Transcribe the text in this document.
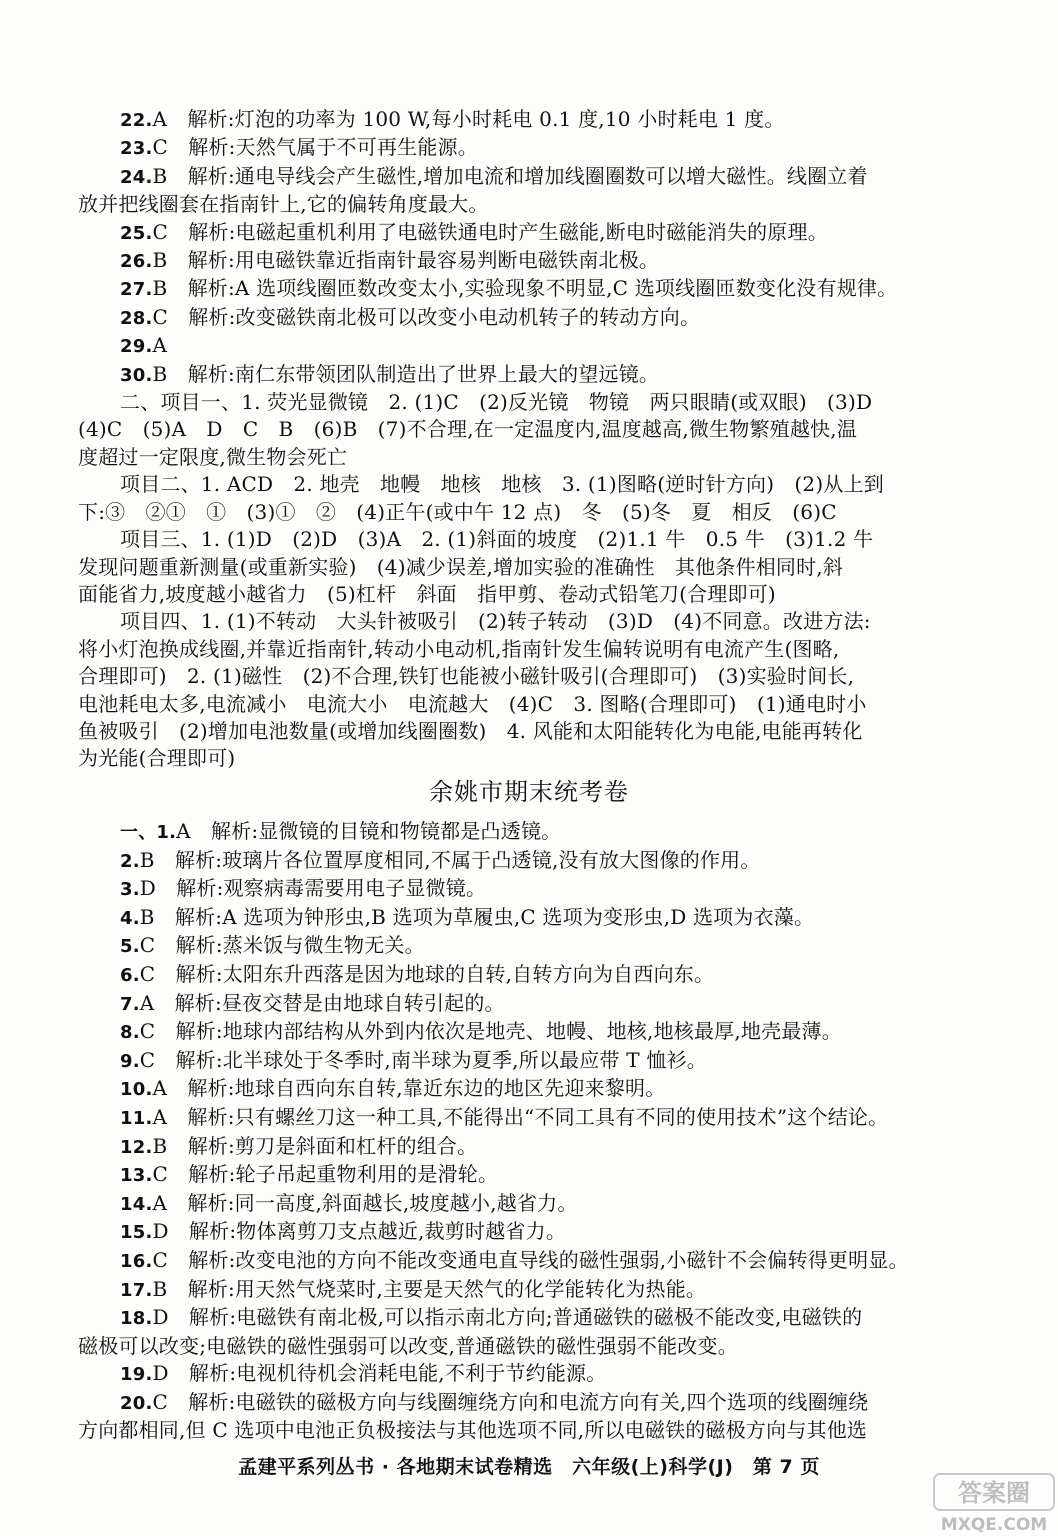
22.A　解析:灯泡的功率为 100 W,每小时耗电 0.1 度,10 小时耗电 1 度。
23.C　解析:天然气属于不可再生能源。
24.B　解析:通电导线会产生磁性,增加电流和增加线圈圈数可以增大磁性。线圈立着
放并把线圈套在指南针上,它的偏转角度最大。
25.C　解析:电磁起重机利用了电磁铁通电时产生磁能,断电时磁能消失的原理。
26.B　解析:用电磁铁靠近指南针最容易判断电磁铁南北极。
27.B　解析:A 选项线圈匝数改变太小,实验现象不明显,C 选项线圈匝数变化没有规律。
28.C　解析:改变磁铁南北极可以改变小电动机转子的转动方向。
29.A
30.B　解析:南仁东带领团队制造出了世界上最大的望远镜。
二、项目一、1. 荧光显微镜　2. (1)C　(2)反光镜　物镜　两只眼睛(或双眼)　(3)D
(4)C　(5)A　D　C　B　(6)B　(7)不合理,在一定温度内,温度越高,微生物繁殖越快,温
度超过一定限度,微生物会死亡
项目二、1. ACD　2. 地壳　地幔　地核　地核　3. (1)图略(逆时针方向)　(2)从上到
下:③　②①　①　(3)①　②　(4)正午(或中午 12 点)　冬　(5)冬　夏　相反　(6)C
项目三、1. (1)D　(2)D　(3)A　2. (1)斜面的坡度　(2)1.1 牛　0.5 牛　(3)1.2 牛
发现问题重新测量(或重新实验)　(4)减少误差,增加实验的准确性　其他条件相同时,斜
面能省力,坡度越小越省力　(5)杠杆　斜面　指甲剪、卷动式铅笔刀(合理即可)
项目四、1. (1)不转动　大头针被吸引　(2)转子转动　(3)D　(4)不同意。改进方法:
将小灯泡换成线圈,并靠近指南针,转动小电动机,指南针发生偏转说明有电流产生(图略,
合理即可)　2. (1)磁性　(2)不合理,铁钉也能被小磁针吸引(合理即可)　(3)实验时间长,
电池耗电太多,电流减小　电流大小　电流越大　(4)C　3. 图略(合理即可)　(1)通电时小
鱼被吸引　(2)增加电池数量(或增加线圈圈数)　4. 风能和太阳能转化为电能,电能再转化
为光能(合理即可)
余姚市期末统考卷
一、1.A　解析:显微镜的目镜和物镜都是凸透镜。
2.B　解析:玻璃片各位置厚度相同,不属于凸透镜,没有放大图像的作用。
3.D　解析:观察病毒需要用电子显微镜。
4.B　解析:A 选项为钟形虫,B 选项为草履虫,C 选项为变形虫,D 选项为衣藻。
5.C　解析:蒸米饭与微生物无关。
6.C　解析:太阳东升西落是因为地球的自转,自转方向为自西向东。
7.A　解析:昼夜交替是由地球自转引起的。
8.C　解析:地球内部结构从外到内依次是地壳、地幔、地核,地核最厚,地壳最薄。
9.C　解析:北半球处于冬季时,南半球为夏季,所以最应带 T 恤衫。
10.A　解析:地球自西向东自转,靠近东边的地区先迎来黎明。
11.A　解析:只有螺丝刀这一种工具,不能得出“不同工具有不同的使用技术”这个结论。
12.B　解析:剪刀是斜面和杠杆的组合。
13.C　解析:轮子吊起重物利用的是滑轮。
14.A　解析:同一高度,斜面越长,坡度越小,越省力。
15.D　解析:物体离剪刀支点越近,裁剪时越省力。
16.C　解析:改变电池的方向不能改变通电直导线的磁性强弱,小磁针不会偏转得更明显。
17.B　解析:用天然气烧菜时,主要是天然气的化学能转化为热能。
18.D　解析:电磁铁有南北极,可以指示南北方向;普通磁铁的磁极不能改变,电磁铁的
磁极可以改变;电磁铁的磁性强弱可以改变,普通磁铁的磁性强弱不能改变。
19.D　解析:电视机待机会消耗电能,不利于节约能源。
20.C　解析:电磁铁的磁极方向与线圈缠绕方向和电流方向有关,四个选项的线圈缠绕
方向都相同,但 C 选项中电池正负极接法与其他选项不同,所以电磁铁的磁极方向与其他选
孟建平系列丛书 · 各地期末试卷精选　六年级(上)科学(J)　第 7 页
答案圈
MXQE.COM
